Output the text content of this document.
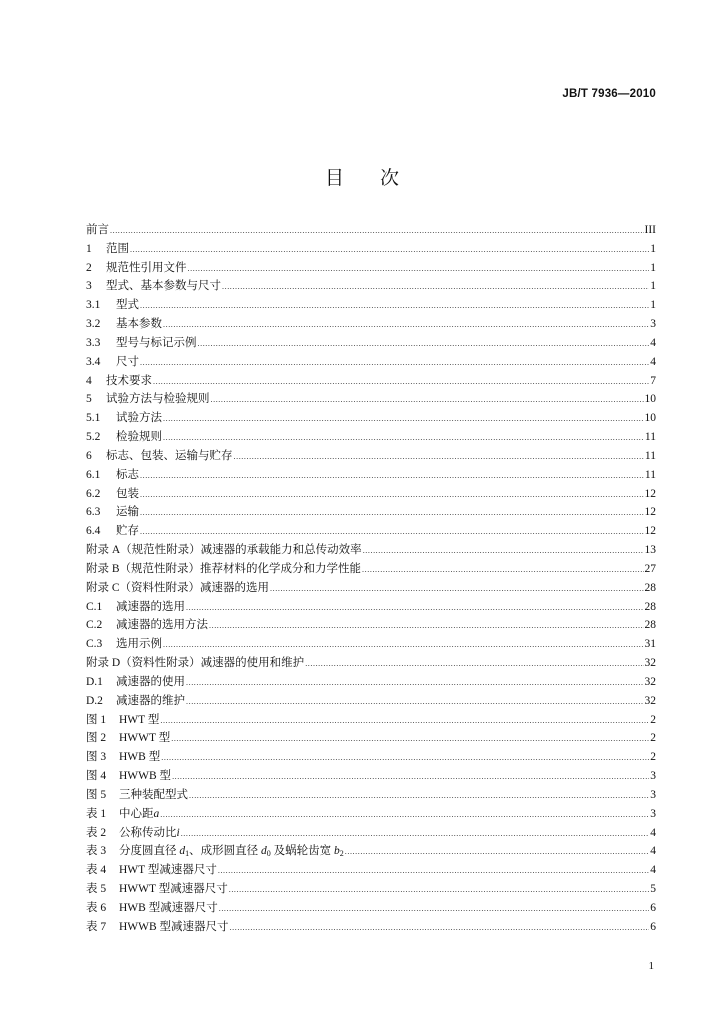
JB/T 7936—2010
目 次
前言 .....	III
1	范围 .....	1
2	规范性引用文件 .....	1
3	型式、基本参数与尺寸 .....	1
3.1	型式 .....	1
3.2	基本参数 .....	3
3.3	型号与标记示例 .....	4
3.4	尺寸 .....	4
4	技术要求 .....	7
5	试验方法与检验规则 .....	10
5.1	试验方法 .....	10
5.2	检验规则 .....	11
6	标志、包装、运输与贮存 .....	11
6.1	标志 .....	11
6.2	包装 .....	12
6.3	运输 .....	12
6.4	贮存 .....	12
附录 A（规范性附录）减速器的承载能力和总传动效率 .....	13
附录 B（规范性附录）推荐材料的化学成分和力学性能 .....	27
附录 C（资料性附录）减速器的选用 .....	28
C.1	减速器的选用 .....	28
C.2	减速器的选用方法 .....	28
C.3	选用示例 .....	31
附录 D（资料性附录）减速器的使用和维护 .....	32
D.1	减速器的使用 .....	32
D.2	减速器的维护 .....	32
图 1	HWT 型 .....	2
图 2	HWWT 型 .....	2
图 3	HWB 型 .....	2
图 4	HWWB 型 .....	3
图 5	三种装配型式 .....	3
表 1	中心距 a .....	3
表 2	公称传动比 i .....	4
表 3	分度圆直径 $d_1$、成形圆直径 $d_0$ 及蜗轮齿宽 $b_2$ .....	4
表 4	HWT 型减速器尺寸 .....	4
表 5	HWWT 型减速器尺寸 .....	5
表 6	HWB 型减速器尺寸 .....	6
表 7	HWWB 型减速器尺寸 .....	6
1
